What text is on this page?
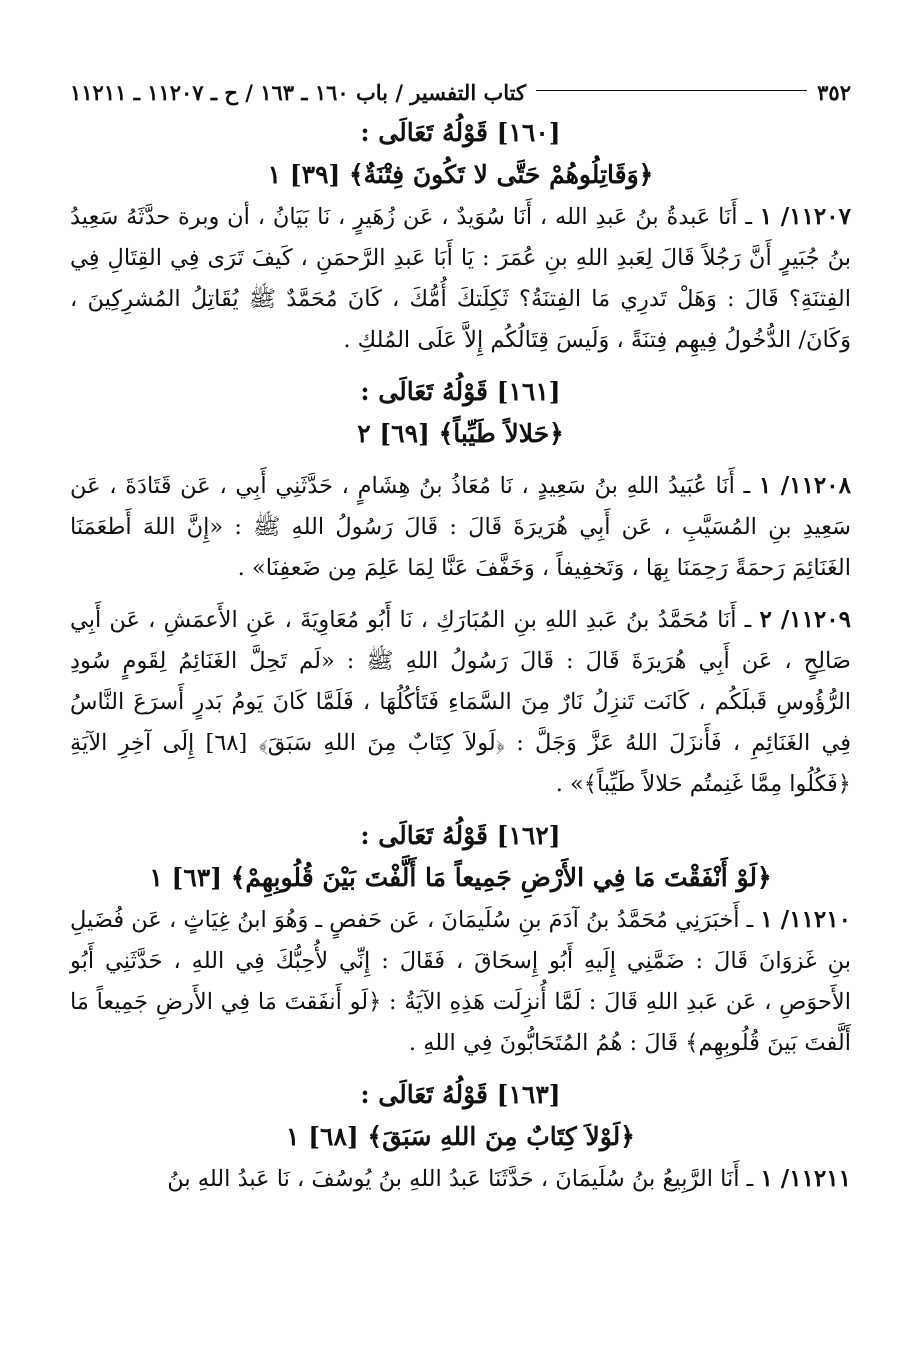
٣٥٢
كتاب التفسير / باب ١٦٠ ـ ١٦٣ / ح ـ ١١٢٠٧ ـ ١١٢١١
[١٦٠] قَوْلُهُ تَعَالَى :
﴿وَقَاتِلُوهُمْ حَتَّى لا تَكُونَ فِتْنَةٌ﴾ [٣٩] ١

١١٢٠٧/ ١ ـ أَنَا عَبدةُ بنُ عَبدِ الله ، أَنَا سُوَيدٌ ، عَن زُهَيرٍ ، نَا بَيَانُ ، أن وبرة حدَّثَهُ سَعِيدُ بنُ جُبَيرٍ أَنَّ رَجُلاً قَالَ لِعَبدِ اللهِ بنِ عُمَرَ : يَا أَبَا عَبدِ الرَّحمَنِ ، كَيفَ تَرَى فِي القِتَالِ فِي الفِتنَةِ؟ قَالَ : وَهَلْ تَدرِي مَا الفِتنَةُ؟ ثَكِلَتكَ أُمُّكَ ، كَانَ مُحَمَّدٌ ﷺ يُقَاتِلُ المُشرِكِينَ ، وَكَانَ/ الدُّخُولُ فِيهِم فِتنَةً ، وَلَيسَ قِتَالُكُم إِلاَّ عَلَى المُلكِ .

[١٦١] قَوْلُهُ تَعَالَى :
﴿حَلالاً طَيِّباً﴾ [٦٩] ٢

١١٢٠٨/ ١ ـ أَنَا عُبَيدُ اللهِ بنُ سَعِيدٍ ، نَا مُعَاذُ بنُ هِشَامٍ ، حَدَّثَنِي أَبِي ، عَن قَتَادَةَ ، عَن سَعِيدِ بنِ المُسَيَّبِ ، عَن أَبِي هُرَيرَةَ قَالَ : قَالَ رَسُولُ اللهِ ﷺ : «إِنَّ اللهَ أَطعَمَنَا الغَنَائِمَ رَحمَةً رَحِمَنَا بِهَا ، وَتَخفِيفاً ، وَخَفَّفَ عَنَّا لِمَا عَلِمَ مِن ضَعفِنَا» .

١١٢٠٩/ ٢ ـ أَنَا مُحَمَّدُ بنُ عَبدِ اللهِ بنِ المُبَارَكِ ، نَا أَبُو مُعَاوِيَةَ ، عَنِ الأَعمَشِ ، عَن أَبِي صَالِحٍ ، عَن أَبِي هُرَيرَةَ قَالَ : قَالَ رَسُولُ اللهِ ﷺ : «لَم تَحِلَّ الغَنَائِمُ لِقَومٍ سُودِ الرُّؤُوسِ قَبلَكُم ، كَانَت تَنزِلُ نَارٌ مِنَ السَّمَاءِ فَتَأكُلُهَا ، فَلَمَّا كَانَ يَومُ بَدرٍ أَسرَعَ النَّاسُ فِي الغَنَائِمِ ، فَأَنزَلَ اللهُ عَزَّ وَجَلَّ : ﴿لَولاَ كِتَابٌ مِنَ اللهِ سَبَقَ﴾ [٦٨] إِلَى آخِرِ الآيَةِ ﴿فَكُلُوا مِمَّا غَنِمتُم حَلالاً طَيِّباً﴾» .

[١٦٢] قَوْلُهُ تَعَالَى :
﴿لَوْ أَنْفَقْتَ مَا فِي الأَرْضِ جَمِيعاً مَا أَلَّفْتَ بَيْنَ قُلُوبِهِمْ﴾ [٦٣] ١

١١٢١٠/ ١ ـ أَخبَرَنِي مُحَمَّدُ بنُ آدَمَ بنِ سُلَيمَانَ ، عَن حَفصٍ ـ وَهُوَ ابنُ غِيَاثٍ ، عَن فُضَيلِ بنِ غَزوَانَ قَالَ : ضَمَّنِي إِلَيهِ أَبُو إِسحَاقَ ، فَقَالَ : إِنِّي لأُحِبُّكَ فِي اللهِ ، حَدَّثَنِي أَبُو الأَحوَصِ ، عَن عَبدِ اللهِ قَالَ : لَمَّا أُنزِلَت هَذِهِ الآيَةُ : ﴿لَو أَنفَقتَ مَا فِي الأَرضِ جَمِيعاً مَا أَلَّفتَ بَينَ قُلُوبِهِم﴾ قَالَ : هُمُ المُتَحَابُّونَ فِي اللهِ .

[١٦٣] قَوْلُهُ تَعَالَى :
﴿لَوْلاَ كِتَابٌ مِنَ اللهِ سَبَقَ﴾ [٦٨] ١

١١٢١١/ ١ ـ أَنَا الرَّبِيعُ بنُ سُلَيمَانَ ، حَدَّثَنَا عَبدُ اللهِ بنُ يُوسُفَ ، نَا عَبدُ اللهِ بنُ
